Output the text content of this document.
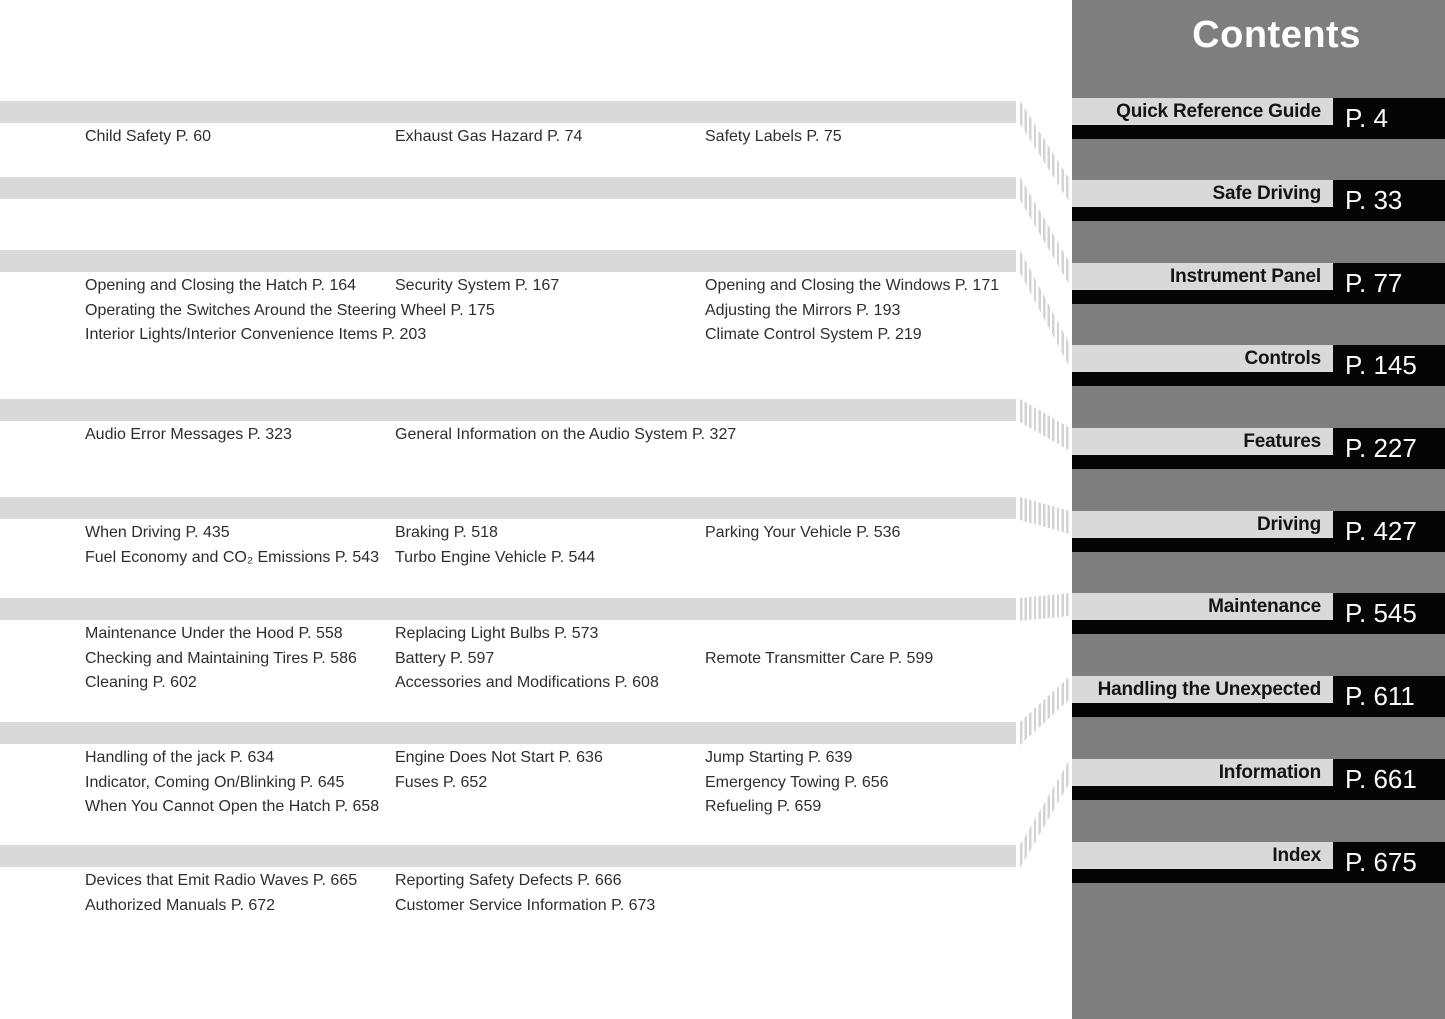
Contents
Quick Reference Guide P. 4
Safe Driving P. 33
Instrument Panel P. 77
Controls P. 145
Features P. 227
Driving P. 427
Maintenance P. 545
Handling the Unexpected P. 611
Information P. 661
Index P. 675
Child Safety P. 60	Exhaust Gas Hazard P. 74	Safety Labels P. 75
Opening and Closing the Hatch P. 164 Security System P. 167	Opening and Closing the Windows P. 171
Operating the Switches Around the Steering Wheel P. 175	Adjusting the Mirrors P. 193
Interior Lights/Interior Convenience Items P. 203	Climate Control System P. 219
Audio Error Messages P. 323	General Information on the Audio System P. 327
When Driving P. 435	Braking P. 518	Parking Your Vehicle P. 536
Fuel Economy and CO₂ Emissions P. 543 Turbo Engine Vehicle P. 544
Maintenance Under the Hood P. 558	Replacing Light Bulbs P. 573
Checking and Maintaining Tires P. 586 Battery P. 597	Remote Transmitter Care P. 599
Cleaning P. 602	Accessories and Modifications P. 608
Handling of the jack P. 634	Engine Does Not Start P. 636	Jump Starting P. 639
Indicator, Coming On/Blinking P. 645	Fuses P. 652	Emergency Towing P. 656
When You Cannot Open the Hatch P. 658	Refueling P. 659
Devices that Emit Radio Waves P. 665 Reporting Safety Defects P. 666
Authorized Manuals P. 672	Customer Service Information P. 673
